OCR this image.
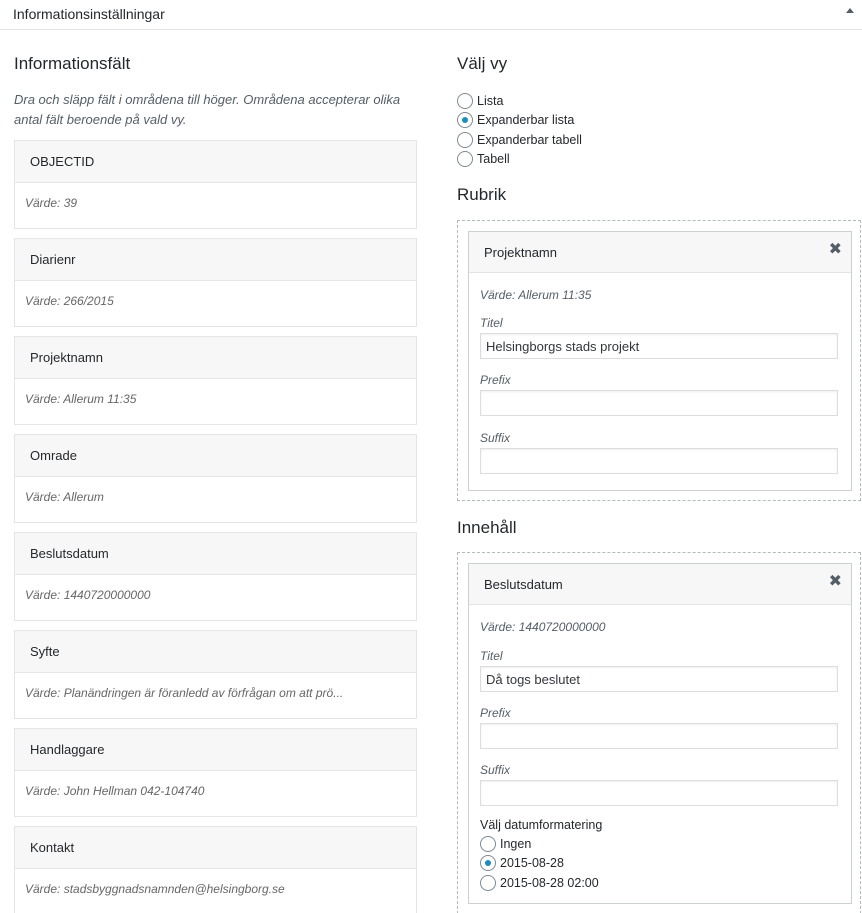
Informationsinställningar
Informationsfält

Dra och släpp fält i områdena till höger. Områdena accepterar olika antal fält beroende på vald vy.

OBJECTID
Värde: 39
Diarienr
Värde: 266/2015
Projektnamn
Värde: Allerum 11:35
Omrade
Värde: Allerum
Beslutsdatum
Värde: 1440720000000
Syfte
Värde: Planändringen är föranledd av förfrågan om att prö...
Handlaggare
Värde: John Hellman 042-104740
Kontakt
Värde: stadsbyggnadsnamnden@helsingborg.se
Välj vy
Lista
Expanderbar lista
Expanderbar tabell
Tabell
Rubrik
Projektnamn	✖
Värde: Allerum 11:35
Titel
Helsingborgs stads projekt
Prefix
Suffix
Innehåll
Beslutsdatum	✖
Värde: 1440720000000
Titel
Då togs beslutet
Prefix
Suffix
Välj datumformatering
Ingen
2015-08-28
2015-08-28 02:00
